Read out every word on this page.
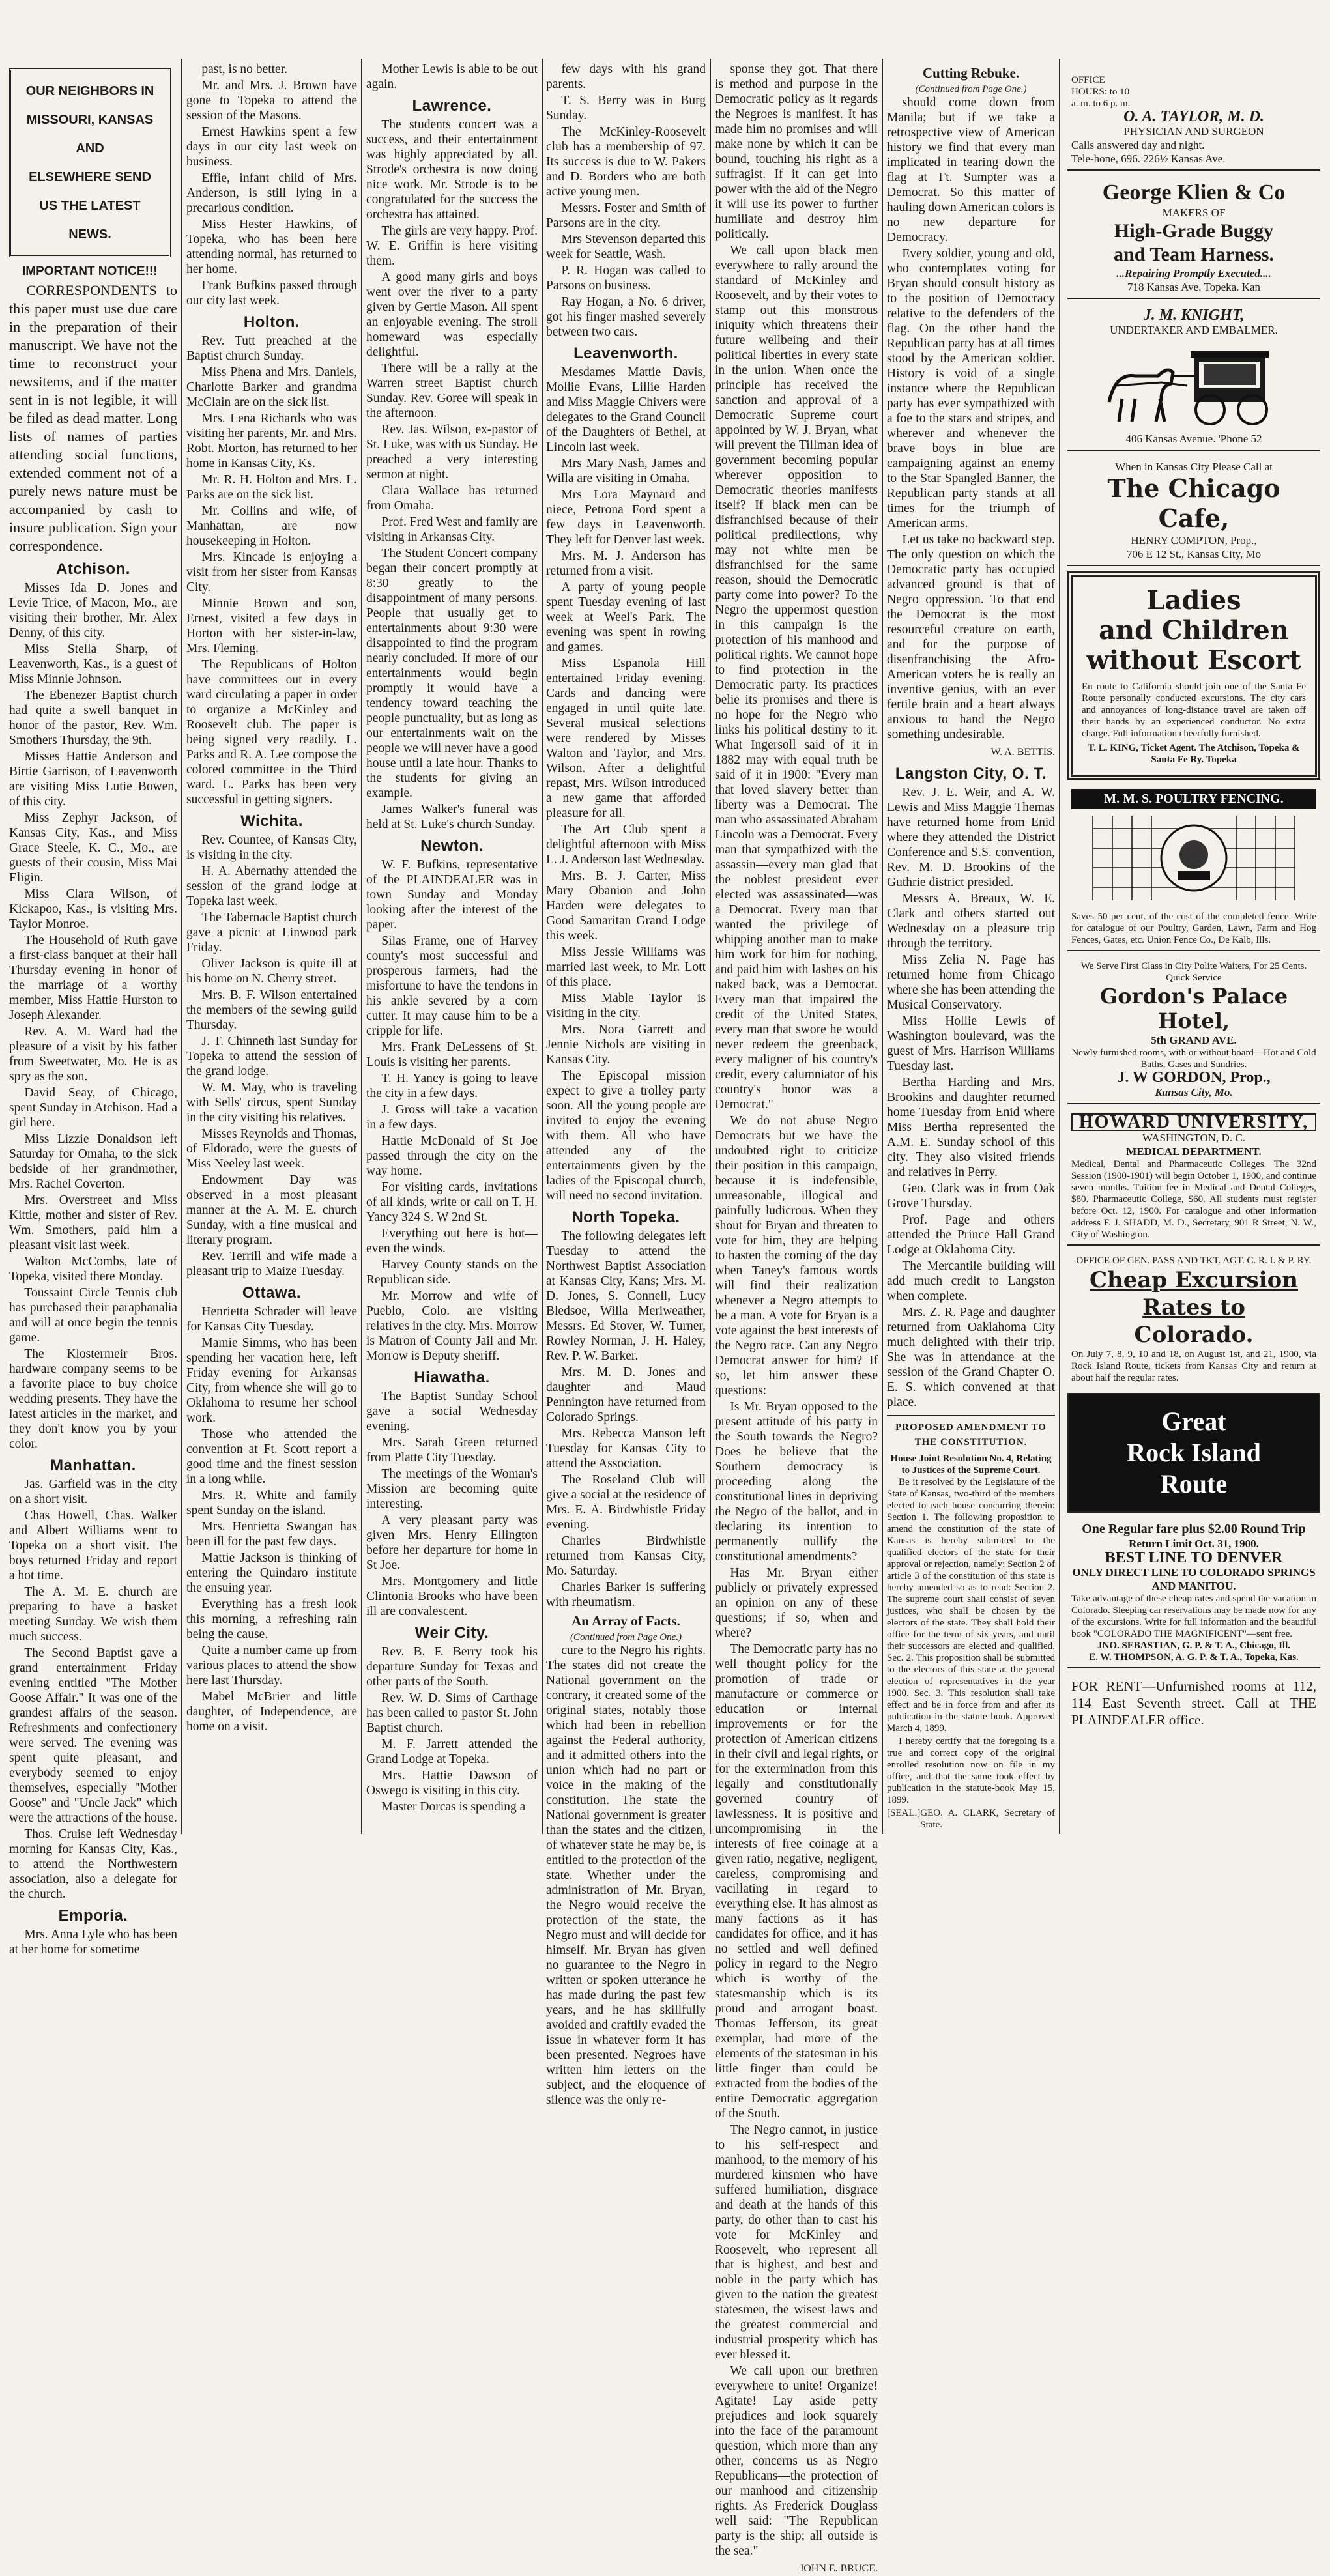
OUR NEIGHBORS IN MISSOURI, KANSAS AND
ELSEWHERE SEND US THE LATEST NEWS.
IMPORTANT NOTICE!!!

CORRESPONDENTS to this paper must use due care in the preparation of their manuscript. We have not the time to reconstruct your newsitems, and if the matter sent in is not legible, it will be filed as dead matter. Long lists of names of parties attending social functions, extended comment not of a purely news nature must be accompanied by cash to insure publication. Sign your correspondence.

Atchison.

Misses Ida D. Jones and Levie Trice, of Macon, Mo., are visiting their brother, Mr. Alex Denny, of this city.

Miss Stella Sharp, of Leavenworth, Kas., is a guest of Miss Minnie Johnson.

The Ebenezer Baptist church had quite a swell banquet in honor of the pastor, Rev. Wm. Smothers Thursday, the 9th.

Misses Hattie Anderson and Birtie Garrison, of Leavenworth are visiting Miss Lutie Bowen, of this city.

Miss Zephyr Jackson, of Kansas City, Kas., and Miss Grace Steele, K. C., Mo., are guests of their cousin, Miss Mai Eligin.

Miss Clara Wilson, of Kickapoo, Kas., is visiting Mrs. Taylor Monroe.

The Household of Ruth gave a first-class banquet at their hall Thursday evening in honor of the marriage of a worthy member, Miss Hattie Hurston to Joseph Alexander.

Rev. A. M. Ward had the pleasure of a visit by his father from Sweetwater, Mo. He is as spry as the son.

David Seay, of Chicago, spent Sunday in Atchison. Had a girl here.

Miss Lizzie Donaldson left Saturday for Omaha, to the sick bedside of her grandmother, Mrs. Rachel Coverton.

Mrs. Overstreet and Miss Kittie, mother and sister of Rev. Wm. Smothers, paid him a pleasant visit last week.

Walton McCombs, late of Topeka, visited there Monday.

Toussaint Circle Tennis club has purchased their paraphanalia and will at once begin the tennis game.

The Klostermeir Bros. hardware company seems to be a favorite place to buy choice wedding presents. They have the latest articles in the market, and they don't know you by your color.

Manhattan.

Jas. Garfield was in the city on a short visit.

Chas Howell, Chas. Walker and Albert Williams went to Topeka on a short visit. The boys returned Friday and report a hot time.

The A. M. E. church are preparing to have a basket meeting Sunday. We wish them much success.

The Second Baptist gave a grand entertainment Friday evening entitled "The Mother Goose Affair." It was one of the grandest affairs of the season. Refreshments and confectionery were served. The evening was spent quite pleasant, and everybody seemed to enjoy themselves, especially "Mother Goose" and "Uncle Jack" which were the attractions of the house.

Thos. Cruise left Wednesday morning for Kansas City, Kas., to attend the Northwestern association, also a delegate for the church.

Emporia.

Mrs. Anna Lyle who has been at her home for sometime

past, is no better.

Mr. and Mrs. J. Brown have gone to Topeka to attend the session of the Masons.

Ernest Hawkins spent a few days in our city last week on business.

Effie, infant child of Mrs. Anderson, is still lying in a precarious condition.

Miss Hester Hawkins, of Topeka, who has been here attending normal, has returned to her home.

Frank Bufkins passed through our city last week.

Holton.

Rev. Tutt preached at the Baptist church Sunday.

Miss Phena and Mrs. Daniels, Charlotte Barker and grandma McClain are on the sick list.

Mrs. Lena Richards who was visiting her parents, Mr. and Mrs. Robt. Morton, has returned to her home in Kansas City, Ks.

Mr. R. H. Holton and Mrs. L. Parks are on the sick list.

Mr. Collins and wife, of Manhattan, are now housekeeping in Holton.

Mrs. Kincade is enjoying a visit from her sister from Kansas City.

Minnie Brown and son, Ernest, visited a few days in Horton with her sister-in-law, Mrs. Fleming.

The Republicans of Holton have committees out in every ward circulating a paper in order to organize a McKinley and Roosevelt club. The paper is being signed very readily. L. Parks and R. A. Lee compose the colored committee in the Third ward. L. Parks has been very successful in getting signers.

Wichita.

Rev. Countee, of Kansas City, is visiting in the city.

H. A. Abernathy attended the session of the grand lodge at Topeka last week.

The Tabernacle Baptist church gave a picnic at Linwood park Friday.

Oliver Jackson is quite ill at his home on N. Cherry street.

Mrs. B. F. Wilson entertained the members of the sewing guild Thursday.

J. T. Chinneth last Sunday for Topeka to attend the session of the grand lodge.

W. M. May, who is traveling with Sells' circus, spent Sunday in the city visiting his relatives.

Misses Reynolds and Thomas, of Eldorado, were the guests of Miss Neeley last week.

Endowment Day was observed in a most pleasant manner at the A. M. E. church Sunday, with a fine musical and literary program.

Rev. Terrill and wife made a pleasant trip to Maize Tuesday.

Ottawa.

Henrietta Schrader will leave for Kansas City Tuesday.

Mamie Simms, who has been spending her vacation here, left Friday evening for Arkansas City, from whence she will go to Oklahoma to resume her school work.

Those who attended the convention at Ft. Scott report a good time and the finest session in a long while.

Mrs. R. White and family spent Sunday on the island.

Mrs. Henrietta Swangan has been ill for the past few days.

Mattie Jackson is thinking of entering the Quindaro institute the ensuing year.

Everything has a fresh look this morning, a refreshing rain being the cause.

Quite a number came up from various places to attend the show here last Thursday.

Mabel McBrier and little daughter, of Independence, are home on a visit.

Mother Lewis is able to be out again.

Lawrence.

The students concert was a success, and their entertainment was highly appreciated by all. Strode's orchestra is now doing nice work. Mr. Strode is to be congratulated for the success the orchestra has attained.

The girls are very happy. Prof. W. E. Griffin is here visiting them.

A good many girls and boys went over the river to a party given by Gertie Mason. All spent an enjoyable evening. The stroll homeward was especially delightful.

There will be a rally at the Warren street Baptist church Sunday. Rev. Goree will speak in the afternoon.

Rev. Jas. Wilson, ex-pastor of St. Luke, was with us Sunday. He preached a very interesting sermon at night.

Clara Wallace has returned from Omaha.

Prof. Fred West and family are visiting in Arkansas City.

The Student Concert company began their concert promptly at 8:30 greatly to the disappointment of many persons. People that usually get to entertainments about 9:30 were disappointed to find the program nearly concluded. If more of our entertainments would begin promptly it would have a tendency toward teaching the people punctuality, but as long as our entertainments wait on the people we will never have a good house until a late hour. Thanks to the students for giving an example.

James Walker's funeral was held at St. Luke's church Sunday.

Newton.

W. F. Bufkins, representative of the PLAINDEALER was in town Sunday and Monday looking after the interest of the paper.

Silas Frame, one of Harvey county's most successful and prosperous farmers, had the misfortune to have the tendons in his ankle severed by a corn cutter. It may cause him to be a cripple for life.

Mrs. Frank DeLessens of St. Louis is visiting her parents.

T. H. Yancy is going to leave the city in a few days.

J. Gross will take a vacation in a few days.

Hattie McDonald of St Joe passed through the city on the way home.

For visiting cards, invitations of all kinds, write or call on T. H. Yancy 324 S. W 2nd St.

Everything out here is hot—even the winds.

Harvey County stands on the Republican side.

Mr. Morrow and wife of Pueblo, Colo. are visiting relatives in the city. Mrs. Morrow is Matron of County Jail and Mr. Morrow is Deputy sheriff.

Hiawatha.

The Baptist Sunday School gave a social Wednesday evening.

Mrs. Sarah Green returned from Platte City Tuesday.

The meetings of the Woman's Mission are becoming quite interesting.

A very pleasant party was given Mrs. Henry Ellington before her departure for home in St Joe.

Mrs. Montgomery and little Clintonia Brooks who have been ill are convalescent.

Weir City.

Rev. B. F. Berry took his departure Sunday for Texas and other parts of the South.

Rev. W. D. Sims of Carthage has been called to pastor St. John Baptist church.

M. F. Jarrett attended the Grand Lodge at Topeka.

Mrs. Hattie Dawson of Oswego is visiting in this city.

Master Dorcas is spending a

few days with his grand parents.

T. S. Berry was in Burg Sunday.

The McKinley-Roosevelt club has a membership of 97. Its success is due to W. Pakers and D. Borders who are both active young men.

Messrs. Foster and Smith of Parsons are in the city.

Mrs Stevenson departed this week for Seattle, Wash.

P. R. Hogan was called to Parsons on business.

Ray Hogan, a No. 6 driver, got his finger mashed severely between two cars.

Leavenworth.

Mesdames Mattie Davis, Mollie Evans, Lillie Harden and Miss Maggie Chivers were delegates to the Grand Council of the Daughters of Bethel, at Lincoln last week.

Mrs Mary Nash, James and Willa are visiting in Omaha.

Mrs Lora Maynard and niece, Petrona Ford spent a few days in Leavenworth. They left for Denver last week.

Mrs. M. J. Anderson has returned from a visit.

A party of young people spent Tuesday evening of last week at Weel's Park. The evening was spent in rowing and games.

Miss Espanola Hill entertained Friday evening. Cards and dancing were engaged in until quite late. Several musical selections were rendered by Misses Walton and Taylor, and Mrs. Wilson. After a delightful repast, Mrs. Wilson introduced a new game that afforded pleasure for all.

The Art Club spent a delightful afternoon with Miss L. J. Anderson last Wednesday.

Mrs. B. J. Carter, Miss Mary Obanion and John Harden were delegates to Good Samaritan Grand Lodge this week.

Miss Jessie Williams was married last week, to Mr. Lott of this place.

Miss Mable Taylor is visiting in the city.

Mrs. Nora Garrett and Jennie Nichols are visiting in Kansas City.

The Episcopal mission expect to give a trolley party soon. All the young people are invited to enjoy the evening with them. All who have attended any of the entertainments given by the ladies of the Episcopal church, will need no second invitation.

North Topeka.

The following delegates left Tuesday to attend the Northwest Baptist Association at Kansas City, Kans; Mrs. M. D. Jones, S. Connell, Lucy Bledsoe, Willa Meriweather, Messrs. Ed Stover, W. Turner, Rowley Norman, J. H. Haley, Rev. P. W. Barker.

Mrs. M. D. Jones and daughter and Maud Pennington have returned from Colorado Springs.

Mrs. Rebecca Manson left Tuesday for Kansas City to attend the Association.

The Roseland Club will give a social at the residence of Mrs. E. A. Birdwhistle Friday evening.

Charles Birdwhistle returned from Kansas City, Mo. Saturday.

Charles Barker is suffering with rheumatism.

An Array of Facts.
(Continued from Page One.)

cure to the Negro his rights. The states did not create the National government on the contrary, it created some of the original states, notably those which had been in rebellion against the Federal authority, and it admitted others into the union which had no part or voice in the making of the constitution. The state—the National government is greater than the states and the citizen, of whatever state he may be, is entitled to the protection of the state. Whether under the administration of Mr. Bryan, the Negro would receive the protection of the state, the Negro must and will decide for himself. Mr. Bryan has given no guarantee to the Negro in written or spoken utterance he has made during the past few years, and he has skillfully avoided and craftily evaded the issue in whatever form it has been presented. Negroes have written him letters on the subject, and the eloquence of silence was the only re-

sponse they got. That there is method and purpose in the Democratic policy as it regards the Negroes is manifest. It has made him no promises and will make none by which it can be bound, touching his right as a suffragist. If it can get into power with the aid of the Negro it will use its power to further humiliate and destroy him politically.

We call upon black men everywhere to rally around the standard of McKinley and Roosevelt, and by their votes to stamp out this monstrous iniquity which threatens their future wellbeing and their political liberties in every state in the union. When once the principle has received the sanction and approval of a Democratic Supreme court appointed by W. J. Bryan, what will prevent the Tillman idea of government becoming popular wherever opposition to Democratic theories manifests itself? If black men can be disfranchised because of their political predilections, why may not white men be disfranchised for the same reason, should the Democratic party come into power? To the Negro the uppermost question in this campaign is the protection of his manhood and political rights. We cannot hope to find protection in the Democratic party. Its practices belie its promises and there is no hope for the Negro who links his political destiny to it. What Ingersoll said of it in 1882 may with equal truth be said of it in 1900: "Every man that loved slavery better than liberty was a Democrat. The man who assassinated Abraham Lincoln was a Democrat. Every man that sympathized with the assassin—every man glad that the noblest president ever elected was assassinated—was a Democrat. Every man that wanted the privilege of whipping another man to make him work for him for nothing, and paid him with lashes on his naked back, was a Democrat. Every man that impaired the credit of the United States, every man that swore he would never redeem the greenback, every maligner of his country's credit, every calumniator of his country's honor was a Democrat."

We do not abuse Negro Democrats but we have the undoubted right to criticize their position in this campaign, because it is indefensible, unreasonable, illogical and painfully ludicrous. When they shout for Bryan and threaten to vote for him, they are helping to hasten the coming of the day when Taney's famous words will find their realization whenever a Negro attempts to be a man. A vote for Bryan is a vote against the best interests of the Negro race. Can any Negro Democrat answer for him? If so, let him answer these questions:

Is Mr. Bryan opposed to the present attitude of his party in the South towards the Negro? Does he believe that the Southern democracy is proceeding along the constitutional lines in depriving the Negro of the ballot, and in declaring its intention to permanently nullify the constitutional amendments?

Has Mr. Bryan either publicly or privately expressed an opinion on any of these questions; if so, when and where?

The Democratic party has no well thought policy for the promotion of trade or manufacture or commerce or education or internal improvements or for the protection of American citizens in their civil and legal rights, or for the extermination from this legally and constitutionally governed country of lawlessness. It is positive and uncompromising in the interests of free coinage at a given ratio, negative, negligent, careless, compromising and vacillating in regard to everything else. It has almost as many factions as it has candidates for office, and it has no settled and well defined policy in regard to the Negro which is worthy of the statesmanship which is its proud and arrogant boast. Thomas Jefferson, its great exemplar, had more of the elements of the statesman in his little finger than could be extracted from the bodies of the entire Democratic aggregation of the South.

The Negro cannot, in justice to his self-respect and manhood, to the memory of his murdered kinsmen who have suffered humiliation, disgrace and death at the hands of this party, do other than to cast his vote for McKinley and Roosevelt, who represent all that is highest, and best and noble in the party which has given to the nation the greatest statesmen, the wisest laws and the greatest commercial and industrial prosperity which has ever blessed it.

We call upon our brethren everywhere to unite! Organize! Agitate! Lay aside petty prejudices and look squarely into the face of the paramount question, which more than any other, concerns us as Negro Republicans—the protection of our manhood and citizenship rights. As Frederick Douglass well said: "The Republican party is the ship; all outside is the sea."

JOHN E. BRUCE.
Cutting Rebuke.
(Continued from Page One.)

should come down from Manila; but if we take a retrospective view of American history we find that every man implicated in tearing down the flag at Ft. Sumpter was a Democrat. So this matter of hauling down American colors is no new departure for Democracy.

Every soldier, young and old, who contemplates voting for Bryan should consult history as to the position of Democracy relative to the defenders of the flag. On the other hand the Republican party has at all times stood by the American soldier. History is void of a single instance where the Republican party has ever sympathized with a foe to the stars and stripes, and wherever and whenever the brave boys in blue are campaigning against an enemy to the Star Spangled Banner, the Republican party stands at all times for the triumph of American arms.

Let us take no backward step. The only question on which the Democratic party has occupied advanced ground is that of Negro oppression. To that end the Democrat is the most resourceful creature on earth, and for the purpose of disenfranchising the Afro-American voters he is really an inventive genius, with an ever fertile brain and a heart always anxious to hand the Negro something undesirable.

W. A. BETTIS.
Langston City, O. T.

Rev. J. E. Weir, and A. W. Lewis and Miss Maggie Themas have returned home from Enid where they attended the District Conference and S.S. convention, Rev. M. D. Brookins of the Guthrie district presided.

Messrs A. Breaux, W. E. Clark and others started out Wednesday on a pleasure trip through the territory.

Miss Zelia N. Page has returned home from Chicago where she has been attending the Musical Conservatory.

Miss Hollie Lewis of Washington boulevard, was the guest of Mrs. Harrison Williams Tuesday last.

Bertha Harding and Mrs. Brookins and daughter returned home Tuesday from Enid where Miss Bertha represented the A.M. E. Sunday school of this city. They also visited friends and relatives in Perry.

Geo. Clark was in from Oak Grove Thursday.

Prof. Page and others attended the Prince Hall Grand Lodge at Oklahoma City.

The Mercantile building will add much credit to Langston when complete.

Mrs. Z. R. Page and daughter returned from Oaklahoma City much delighted with their trip. She was in attendance at the session of the Grand Chapter O. E. S. which convened at that place.

PROPOSED AMENDMENT TO THE CONSTITUTION.
House Joint Resolution No. 4, Relating to Justices of the Supreme Court.

Be it resolved by the Legislature of the State of Kansas, two-third of the members elected to each house concurring therein: Section 1. The following proposition to amend the constitution of the state of Kansas is hereby submitted to the qualified electors of the state for their approval or rejection, namely: Section 2 of article 3 of the constitution of this state is hereby amended so as to read: Section 2. The supreme court shall consist of seven justices, who shall be chosen by the electors of the state. They shall hold their office for the term of six years, and until their successors are elected and qualified. Sec. 2. This proposition shall be submitted to the electors of this state at the general election of representatives in the year 1900. Sec. 3. This resolution shall take effect and be in force from and after its publication in the statute book. Approved March 4, 1899.

I hereby certify that the foregoing is a true and correct copy of the original enrolled resolution now on file in my office, and that the same took effect by publication in the statute-book May 15, 1899.

[SEAL.] GEO. A. CLARK, Secretary of State.
OFFICE HOURS: to 10 a. m. to 6 p. m.
O. A. TAYLOR, M. D.
PHYSICIAN AND SURGEON
Calls answered day and night.
Tele-hone, 696. 226½ Kansas Ave.
George Klien & Co
MAKERS OF
High-Grade Buggy
and Team Harness.
...Repairing Promptly Executed....
718 Kansas Ave. Topeka. Kan
J. M. KNIGHT,
UNDERTAKER AND EMBALMER.
406 Kansas Avenue. 'Phone 52
When in Kansas City Please Call at
The Chicago Cafe,
HENRY COMPTON, Prop.,
706 E 12 St., Kansas City, Mo
Ladies
and Children
without Escort
En route to California should join one of the Santa Fe Route personally conducted excursions. The city cars and annoyances of long-distance travel are taken off their hands by an experienced conductor. No extra charge. Full information cheerfully furnished.
T. L. KING, Ticket Agent. The Atchison, Topeka & Santa Fe Ry. Topeka
M. M. S. POULTRY FENCING.
Saves 50 per cent. of the cost of the completed fence. Write for catalogue of our Poultry, Garden, Lawn, Farm and Hog Fences, Gates, etc. Union Fence Co., De Kalb, Ills.
We Serve First Class in City Polite Waiters, For 25 Cents. Quick Service
Gordon's Palace Hotel,
5th GRAND AVE.
Newly furnished rooms, with or without board—Hot and Cold Baths, Gases and Sundries.
J. W GORDON, Prop.,
Kansas City, Mo.
HOWARD UNIVERSITY,
WASHINGTON, D. C.
MEDICAL DEPARTMENT.
Medical, Dental and Pharmaceutic Colleges. The 32nd Session (1900-1901) will begin October 1, 1900, and continue seven months. Tuition fee in Medical and Dental Colleges, $80. Pharmaceutic College, $60. All students must register before Oct. 12, 1900. For catalogue and other information address F. J. SHADD, M. D., Secretary, 901 R Street, N. W., City of Washington.
OFFICE OF GEN. PASS AND TKT. AGT. C. R. I. & P. RY.
Cheap Excursion Rates to
Colorado.
On July 7, 8, 9, 10 and 18, on August 1st, and 21, 1900, via Rock Island Route, tickets from Kansas City and return at about half the regular rates.
Great
Rock Island
Route
One Regular fare plus $2.00 Round Trip
Return Limit Oct. 31, 1900.
BEST LINE TO DENVER
ONLY DIRECT LINE TO COLORADO SPRINGS AND MANITOU.
Take advantage of these cheap rates and spend the vacation in Colorado. Sleeping car reservations may be made now for any of the excursions. Write for full information and the beautiful book "COLORADO THE MAGNIFICENT"—sent free.
JNO. SEBASTIAN, G. P. & T. A., Chicago, Ill.
E. W. THOMPSON, A. G. P. & T. A., Topeka, Kas.
FOR RENT—Unfurnished rooms at 112, 114 East Seventh street. Call at THE PLAINDEALER office.
